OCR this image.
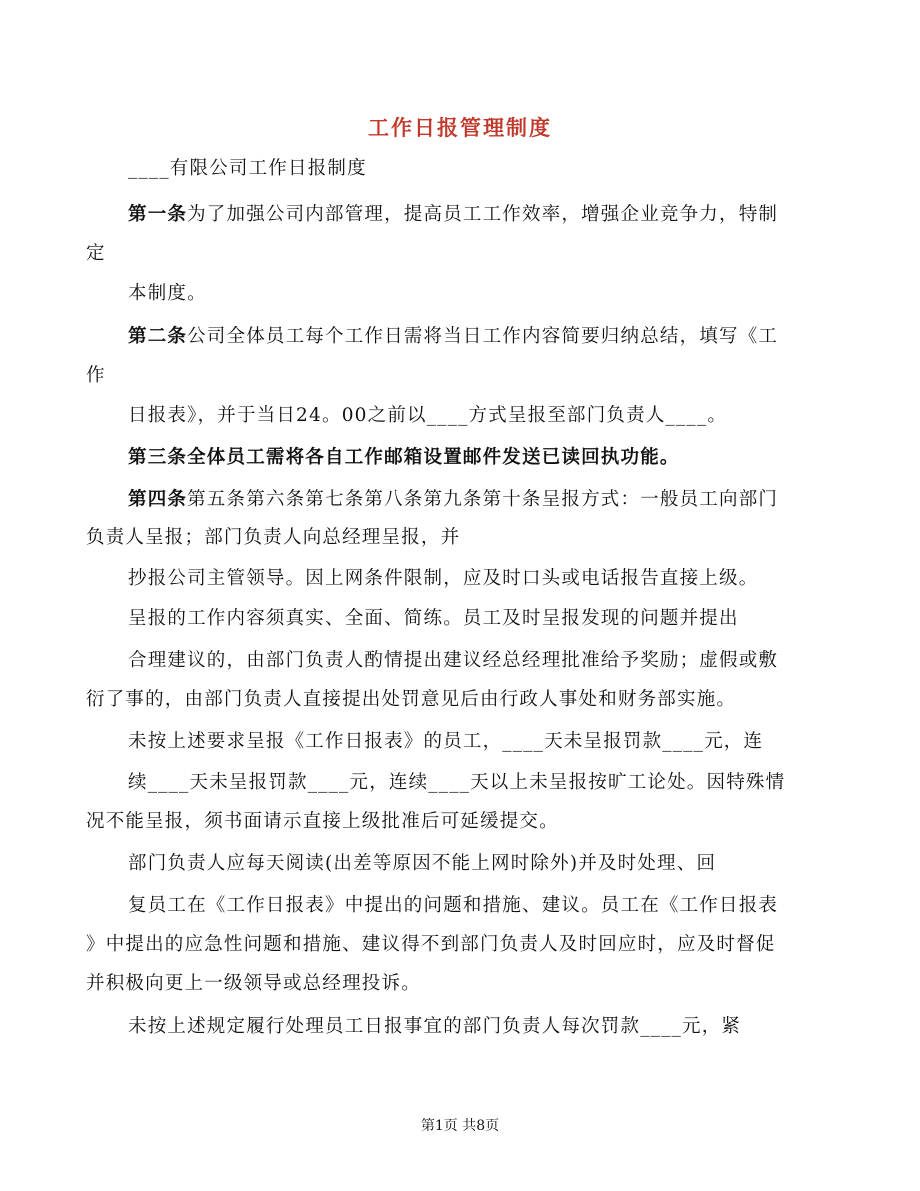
工作日报管理制度

____有限公司工作日报制度

第一条为了加强公司内部管理，提高员工工作效率，增强企业竞争力，特制

定

本制度。

第二条公司全体员工每个工作日需将当日工作内容简要归纳总结，填写《工

作

日报表》，并于当日24。00之前以____方式呈报至部门负责人____。

第三条全体员工需将各自工作邮箱设置邮件发送已读回执功能。

第四条第五条第六条第七条第八条第九条第十条呈报方式：一般员工向部门

负责人呈报；部门负责人向总经理呈报，并

抄报公司主管领导。因上网条件限制，应及时口头或电话报告直接上级。

呈报的工作内容须真实、全面、简练。员工及时呈报发现的问题并提出

合理建议的，由部门负责人酌情提出建议经总经理批准给予奖励；虚假或敷

衍了事的，由部门负责人直接提出处罚意见后由行政人事处和财务部实施。

未按上述要求呈报《工作日报表》的员工，____天未呈报罚款____元，连

续____天未呈报罚款____元，连续____天以上未呈报按旷工论处。因特殊情

况不能呈报，须书面请示直接上级批准后可延缓提交。

部门负责人应每天阅读(出差等原因不能上网时除外)并及时处理、回

复员工在《工作日报表》中提出的问题和措施、建议。员工在《工作日报表

》中提出的应急性问题和措施、建议得不到部门负责人及时回应时，应及时督促

并积极向更上一级领导或总经理投诉。

未按上述规定履行处理员工日报事宜的部门负责人每次罚款____元，紧

第1页 共8页
